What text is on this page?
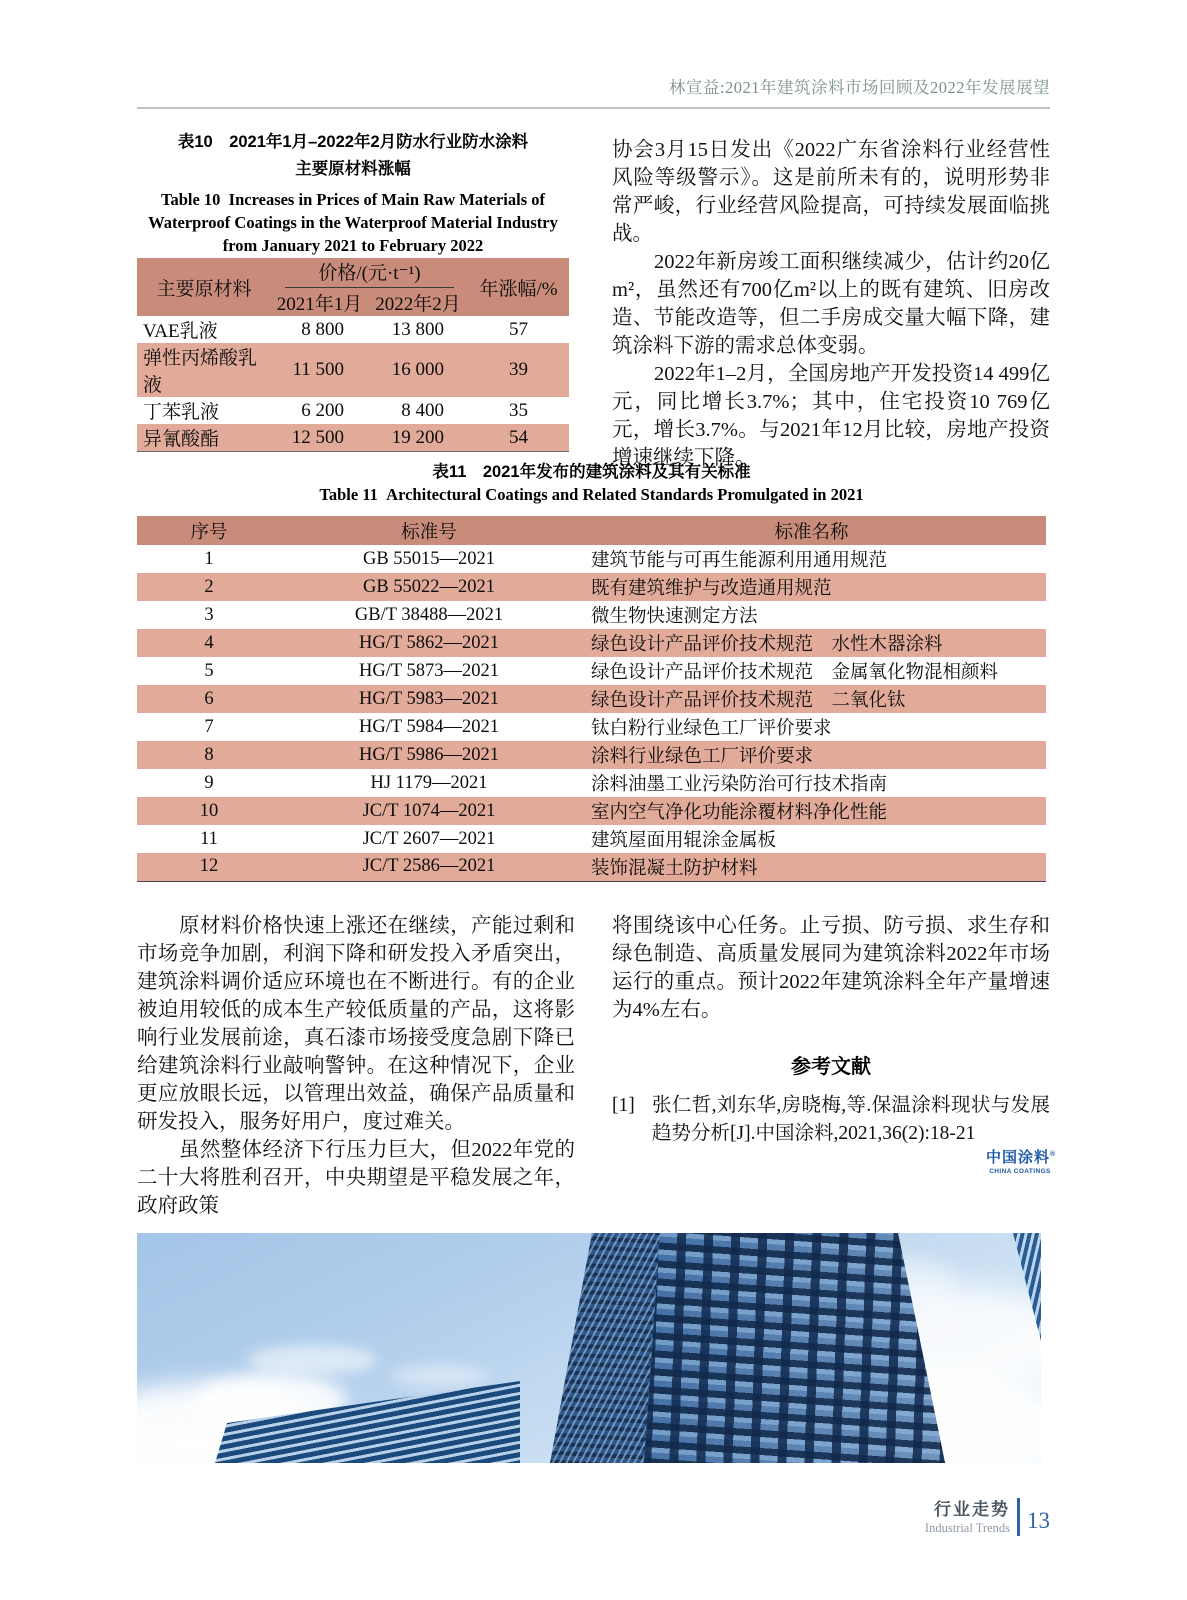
林宣益:2021年建筑涂料市场回顾及2022年发展展望
表10　2021年1月–2022年2月防水行业防水涂料
主要原材料涨幅
Table 10  Increases in Prices of Main Raw Materials of
Waterproof Coatings in the Waterproof Material Industry
from January 2021 to February 2022
主要原材料	价格/(元·t⁻¹)		年涨幅/%
	2021年1月	2022年2月	
VAE乳液	8 800	13 800	57
弹性丙烯酸乳液	11 500	16 000	39
丁苯乳液	6 200	8 400	35
异氰酸酯	12 500	19 200	54

协会3月15日发出《2022广东省涂料行业经营性风险等级警示》。这是前所未有的，说明形势非常严峻，行业经营风险提高，可持续发展面临挑战。

2022年新房竣工面积继续减少，估计约20亿m²，虽然还有700亿m²以上的既有建筑、旧房改造、节能改造等，但二手房成交量大幅下降，建筑涂料下游的需求总体变弱。

2022年1–2月，全国房地产开发投资14 499亿元，同比增长3.7%；其中，住宅投资10 769亿元，增长3.7%。与2021年12月比较，房地产投资增速继续下降。

表11　2021年发布的建筑涂料及其有关标准
Table 11  Architectural Coatings and Related Standards Promulgated in 2021
序号	标准号	标准名称
1	GB 55015—2021	建筑节能与可再生能源利用通用规范
2	GB 55022—2021	既有建筑维护与改造通用规范
3	GB/T 38488—2021	微生物快速测定方法
4	HG/T 5862—2021	绿色设计产品评价技术规范　水性木器涂料
5	HG/T 5873—2021	绿色设计产品评价技术规范　金属氧化物混相颜料
6	HG/T 5983—2021	绿色设计产品评价技术规范　二氧化钛
7	HG/T 5984—2021	钛白粉行业绿色工厂评价要求
8	HG/T 5986—2021	涂料行业绿色工厂评价要求
9	HJ 1179—2021	涂料油墨工业污染防治可行技术指南
10	JC/T 1074—2021	室内空气净化功能涂覆材料净化性能
11	JC/T 2607—2021	建筑屋面用辊涂金属板
12	JC/T 2586—2021	装饰混凝土防护材料

原材料价格快速上涨还在继续，产能过剩和市场竞争加剧，利润下降和研发投入矛盾突出，建筑涂料调价适应环境也在不断进行。有的企业被迫用较低的成本生产较低质量的产品，这将影响行业发展前途，真石漆市场接受度急剧下降已给建筑涂料行业敲响警钟。在这种情况下，企业更应放眼长远，以管理出效益，确保产品质量和研发投入，服务好用户，度过难关。

虽然整体经济下行压力巨大，但2022年党的二十大将胜利召开，中央期望是平稳发展之年，政府政策

将围绕该中心任务。止亏损、防亏损、求生存和绿色制造、高质量发展同为建筑涂料2022年市场运行的重点。预计2022年建筑涂料全年产量增速为4%左右。

参考文献
[1] 张仁哲,刘东华,房晓梅,等.保温涂料现状与发展趋势分析[J].中国涂料,2021,36(2):18-21
中国涂料®
CHINA COATINGS
行业走势
Industrial Trends 13
